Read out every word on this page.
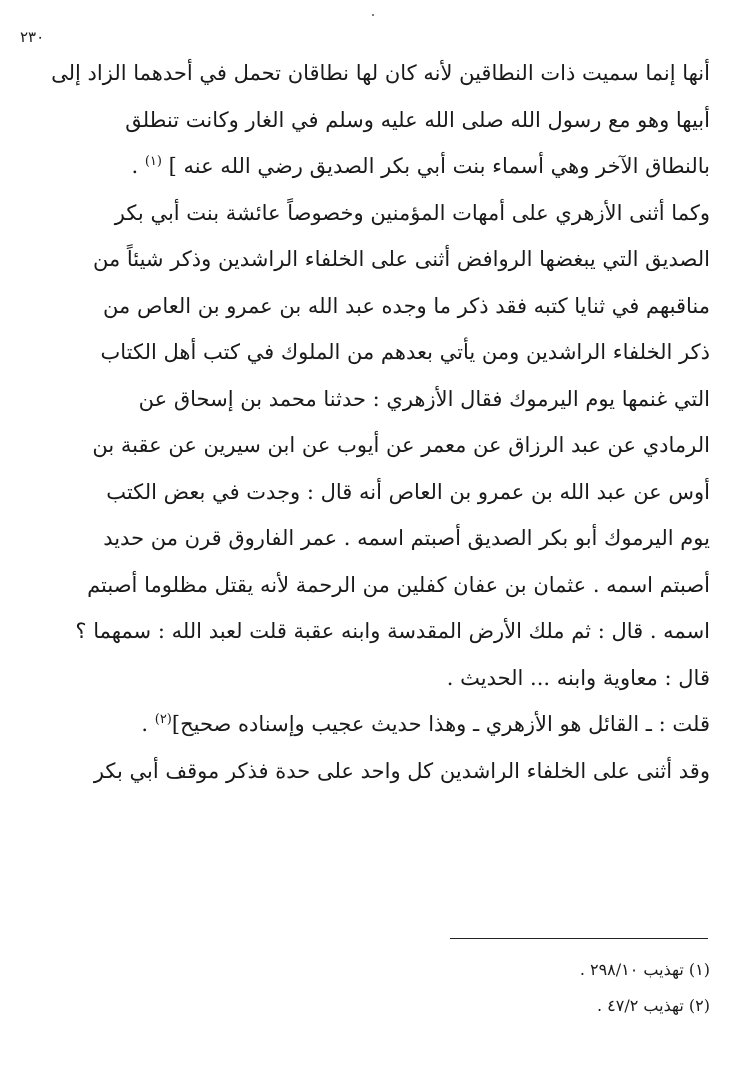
٢٣٠
أنها إنما سميت ذات النطاقين لأنه كان لها نطاقان تحمل في أحدهما الزاد إلى
أبيها وهو مع رسول الله صلى الله عليه وسلم في الغار وكانت تنطلق
بالنطاق الآخر وهي أسماء بنت أبي بكر الصديق رضي الله عنه ] $^{(١)}$ .
وكما أثنى الأزهري على أمهات المؤمنين وخصوصاً عائشة بنت أبي بكر
الصديق التي يبغضها الروافض أثنى على الخلفاء الراشدين وذكر شيئاً من
مناقبهم في ثنايا كتبه فقد ذكر ما وجده عبد الله بن عمرو بن العاص من
ذكر الخلفاء الراشدين ومن يأتي بعدهم من الملوك في كتب أهل الكتاب
التي غنمها يوم اليرموك فقال الأزهري : حدثنا محمد بن إسحاق عن
الرمادي عن عبد الرزاق عن معمر عن أيوب عن ابن سيرين عن عقبة بن
أوس عن عبد الله بن عمرو بن العاص أنه قال : وجدت في بعض الكتب
يوم اليرموك أبو بكر الصديق أصبتم اسمه . عمر الفاروق قرن من حديد
أصبتم اسمه . عثمان بن عفان كفلين من الرحمة لأنه يقتل مظلوما أصبتم
اسمه . قال : ثم ملك الأرض المقدسة وابنه عقبة قلت لعبد الله : سمهما ؟
قال : معاوية وابنه ... الحديث .
قلت : ـ القائل هو الأزهري ـ وهذا حديث عجيب وإسناده صحيح]$^{(٢)}$ .
وقد أثنى على الخلفاء الراشدين كل واحد على حدة فذكر موقف أبي بكر
(١) تهذيب ٢٩٨/١٠ .
(٢) تهذيب ٤٧/٢ .
